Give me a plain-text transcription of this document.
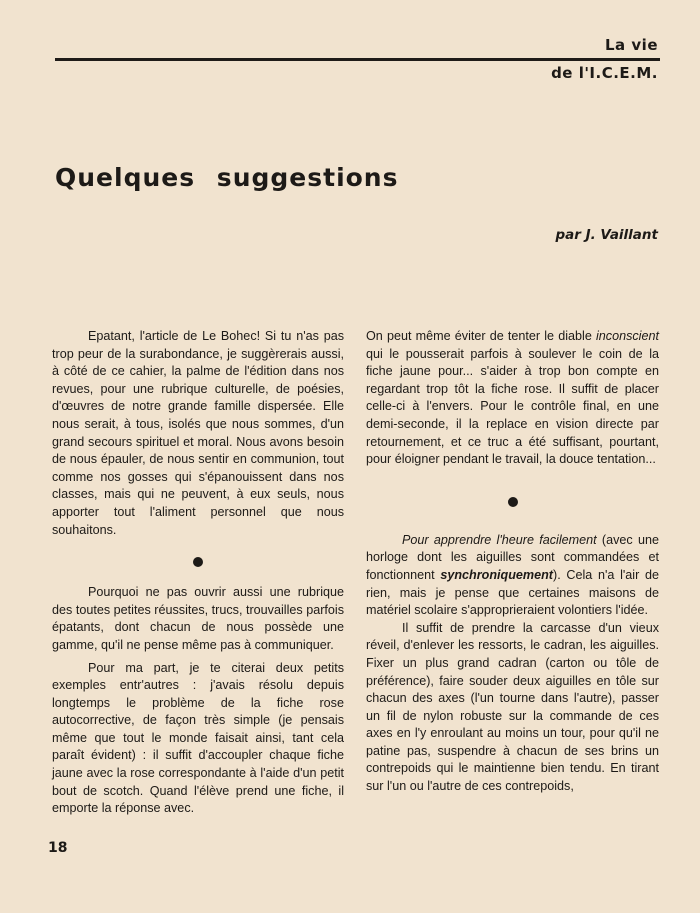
La vie
de l'I.C.E.M.
Quelques suggestions
par J. Vaillant

Epatant, l'article de Le Bohec! Si tu n'as pas trop peur de la surabondance, je suggèrerais aussi, à côté de ce cahier, la palme de l'édition dans nos revues, pour une rubrique culturelle, de poésies, d'œuvres de notre grande famille dispersée. Elle nous serait, à tous, isolés que nous sommes, d'un grand secours spirituel et moral. Nous avons besoin de nous épauler, de nous sentir en communion, tout comme nos gosses qui s'épanouissent dans nos classes, mais qui ne peuvent, à eux seuls, nous apporter tout l'aliment personnel que nous souhaitons.

Pourquoi ne pas ouvrir aussi une rubrique des toutes petites réussites, trucs, trouvailles parfois épatants, dont chacun de nous possède une gamme, qu'il ne pense même pas à communiquer.

Pour ma part, je te citerai deux petits exemples entr'autres : j'avais résolu depuis longtemps le problème de la fiche rose autocorrective, de façon très simple (je pensais même que tout le monde faisait ainsi, tant cela paraît évident) : il suffit d'accoupler chaque fiche jaune avec la rose correspondante à l'aide d'un petit bout de scotch. Quand l'élève prend une fiche, il emporte la réponse avec.

On peut même éviter de tenter le diable inconscient qui le pousserait parfois à soulever le coin de la fiche jaune pour... s'aider à trop bon compte en regardant trop tôt la fiche rose. Il suffit de placer celle-ci à l'envers. Pour le contrôle final, en une demi-seconde, il la replace en vision directe par retournement, et ce truc a été suffisant, pourtant, pour éloigner pendant le travail, la douce tentation...

Pour apprendre l'heure facilement (avec une horloge dont les aiguilles sont commandées et fonctionnent synchroniquement). Cela n'a l'air de rien, mais je pense que certaines maisons de matériel scolaire s'approprieraient volontiers l'idée.

Il suffit de prendre la carcasse d'un vieux réveil, d'enlever les ressorts, le cadran, les aiguilles. Fixer un plus grand cadran (carton ou tôle de préférence), faire souder deux aiguilles en tôle sur chacun des axes (l'un tourne dans l'autre), passer un fil de nylon robuste sur la commande de ces axes en l'y enroulant au moins un tour, pour qu'il ne patine pas, suspendre à chacun de ses brins un contrepoids qui le maintienne bien tendu. En tirant sur l'un ou l'autre de ces contrepoids,

18
